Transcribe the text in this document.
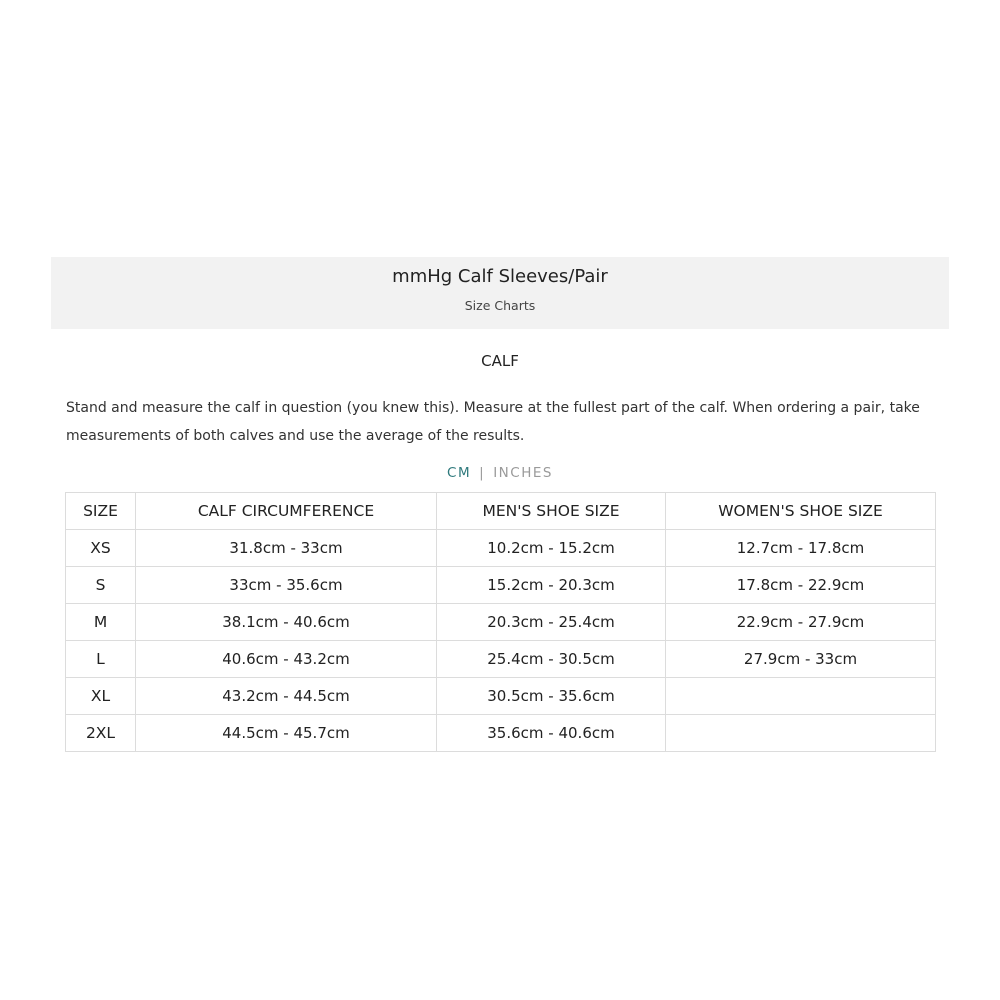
mmHg Calf Sleeves/Pair
Size Charts
CALF
Stand and measure the calf in question (you knew this). Measure at the fullest part of the calf. When ordering a pair, take measurements of both calves and use the average of the results.
CM | INCHES
SIZE	CALF CIRCUMFERENCE	MEN'S SHOE SIZE	WOMEN'S SHOE SIZE
XS	31.8cm - 33cm	10.2cm - 15.2cm	12.7cm - 17.8cm
S	33cm - 35.6cm	15.2cm - 20.3cm	17.8cm - 22.9cm
M	38.1cm - 40.6cm	20.3cm - 25.4cm	22.9cm - 27.9cm
L	40.6cm - 43.2cm	25.4cm - 30.5cm	27.9cm - 33cm
XL	43.2cm - 44.5cm	30.5cm - 35.6cm	
2XL	44.5cm - 45.7cm	35.6cm - 40.6cm	
